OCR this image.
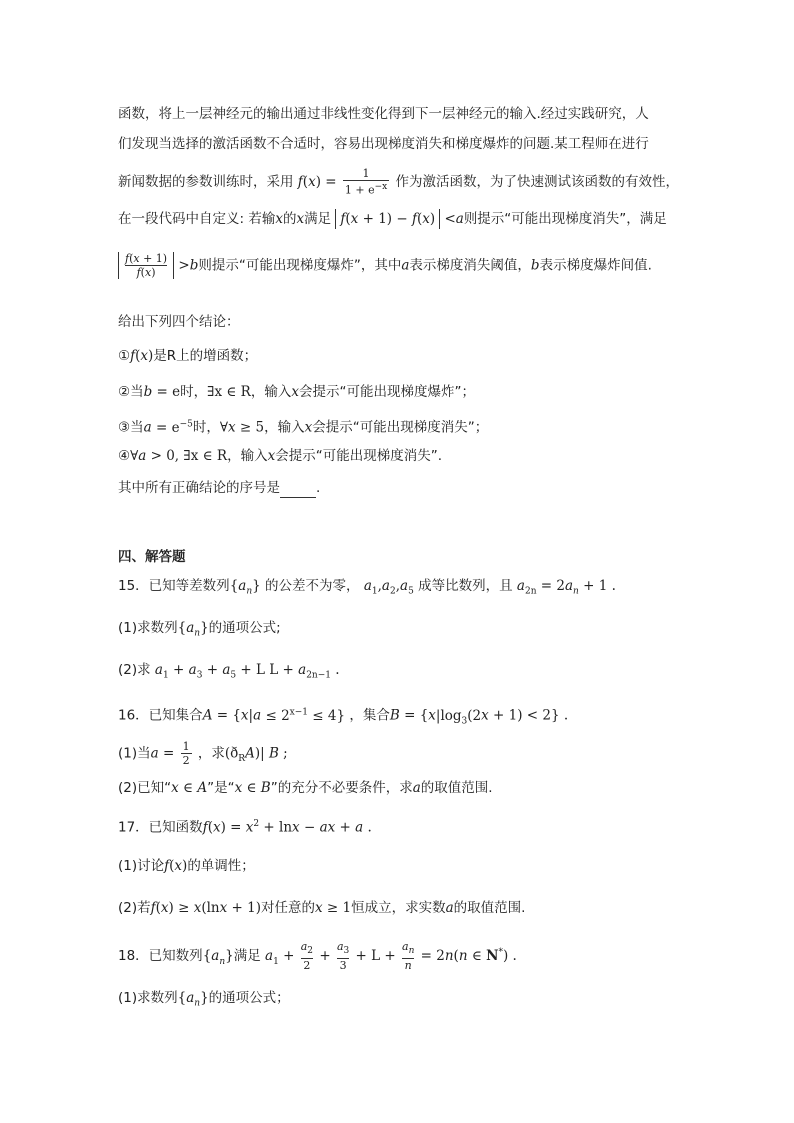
函数，将上一层神经元的输出通过非线性变化得到下一层神经元的输入.经过实践研究，人
们发现当选择的激活函数不合适时，容易出现梯度消失和梯度爆炸的问题.某工程师在进行
新闻数据的参数训练时，采用 $f(x) = \frac{1}{1 + e^{-x}}$ 作为激活函数，为了快速测试该函数的有效性，
在一段代码中自定义: 若输x的x满足 f(x + 1) − f(x) <a则提示“可能出现梯度消失”，满足
$\frac{f(x + 1)}{f(x)} >b$则提示“可能出现梯度爆炸”，其中a表示梯度消失阈值，b表示梯度爆炸间值.
给出下列四个结论：
①f(x)是R上的增函数；
②当b = e时，∃x ∈ R，输入x会提示“可能出现梯度爆炸”；
③当$a = e^{-5}$时，∀x ≥ 5，输入x会提示“可能出现梯度消失”；
④∀a > 0, ∃x ∈ R，输入x会提示“可能出现梯度消失”.
其中所有正确结论的序号是	.
四、解答题
15．已知等差数列$\{a_n\}$ 的公差不为零， $a_1,a_2,a_5$ 成等比数列，且 $a_{2n} = 2a_n + 1$ .
(1)求数列$\{a_n\}$的通项公式;
(2)求 $a_1 + a_3 + a_5 + L$ $L + a_{2n-1}$ .
16．已知集合$A = \{x|a \le 2^{x-1} \le 4\}$ ，集合$B = \{x|\log_3(2x + 1) < 2\}$ .
(1)当$a = \frac{1}{2}$ ，求$(ð_RA)|$ B ;
(2)已知“x ∈ A”是“x ∈ B”的充分不必要条件，求a的取值范围.
17．已知函数$f(x) = x^2 + \ln x$ − ax + a .
(1)讨论f(x)的单调性；
(2)若f(x) ≥ x(lnx + 1)对任意的x ≥ 1恒成立，求实数a的取值范围.
18．已知数列$\{a_n\}$满足 $a_1 + \frac{a_2}{2} + \frac{a_3}{3} + L + \frac{a_n}{n} = 2n(n$ ∈ N*) .
(1)求数列$\{a_n\}$的通项公式；
